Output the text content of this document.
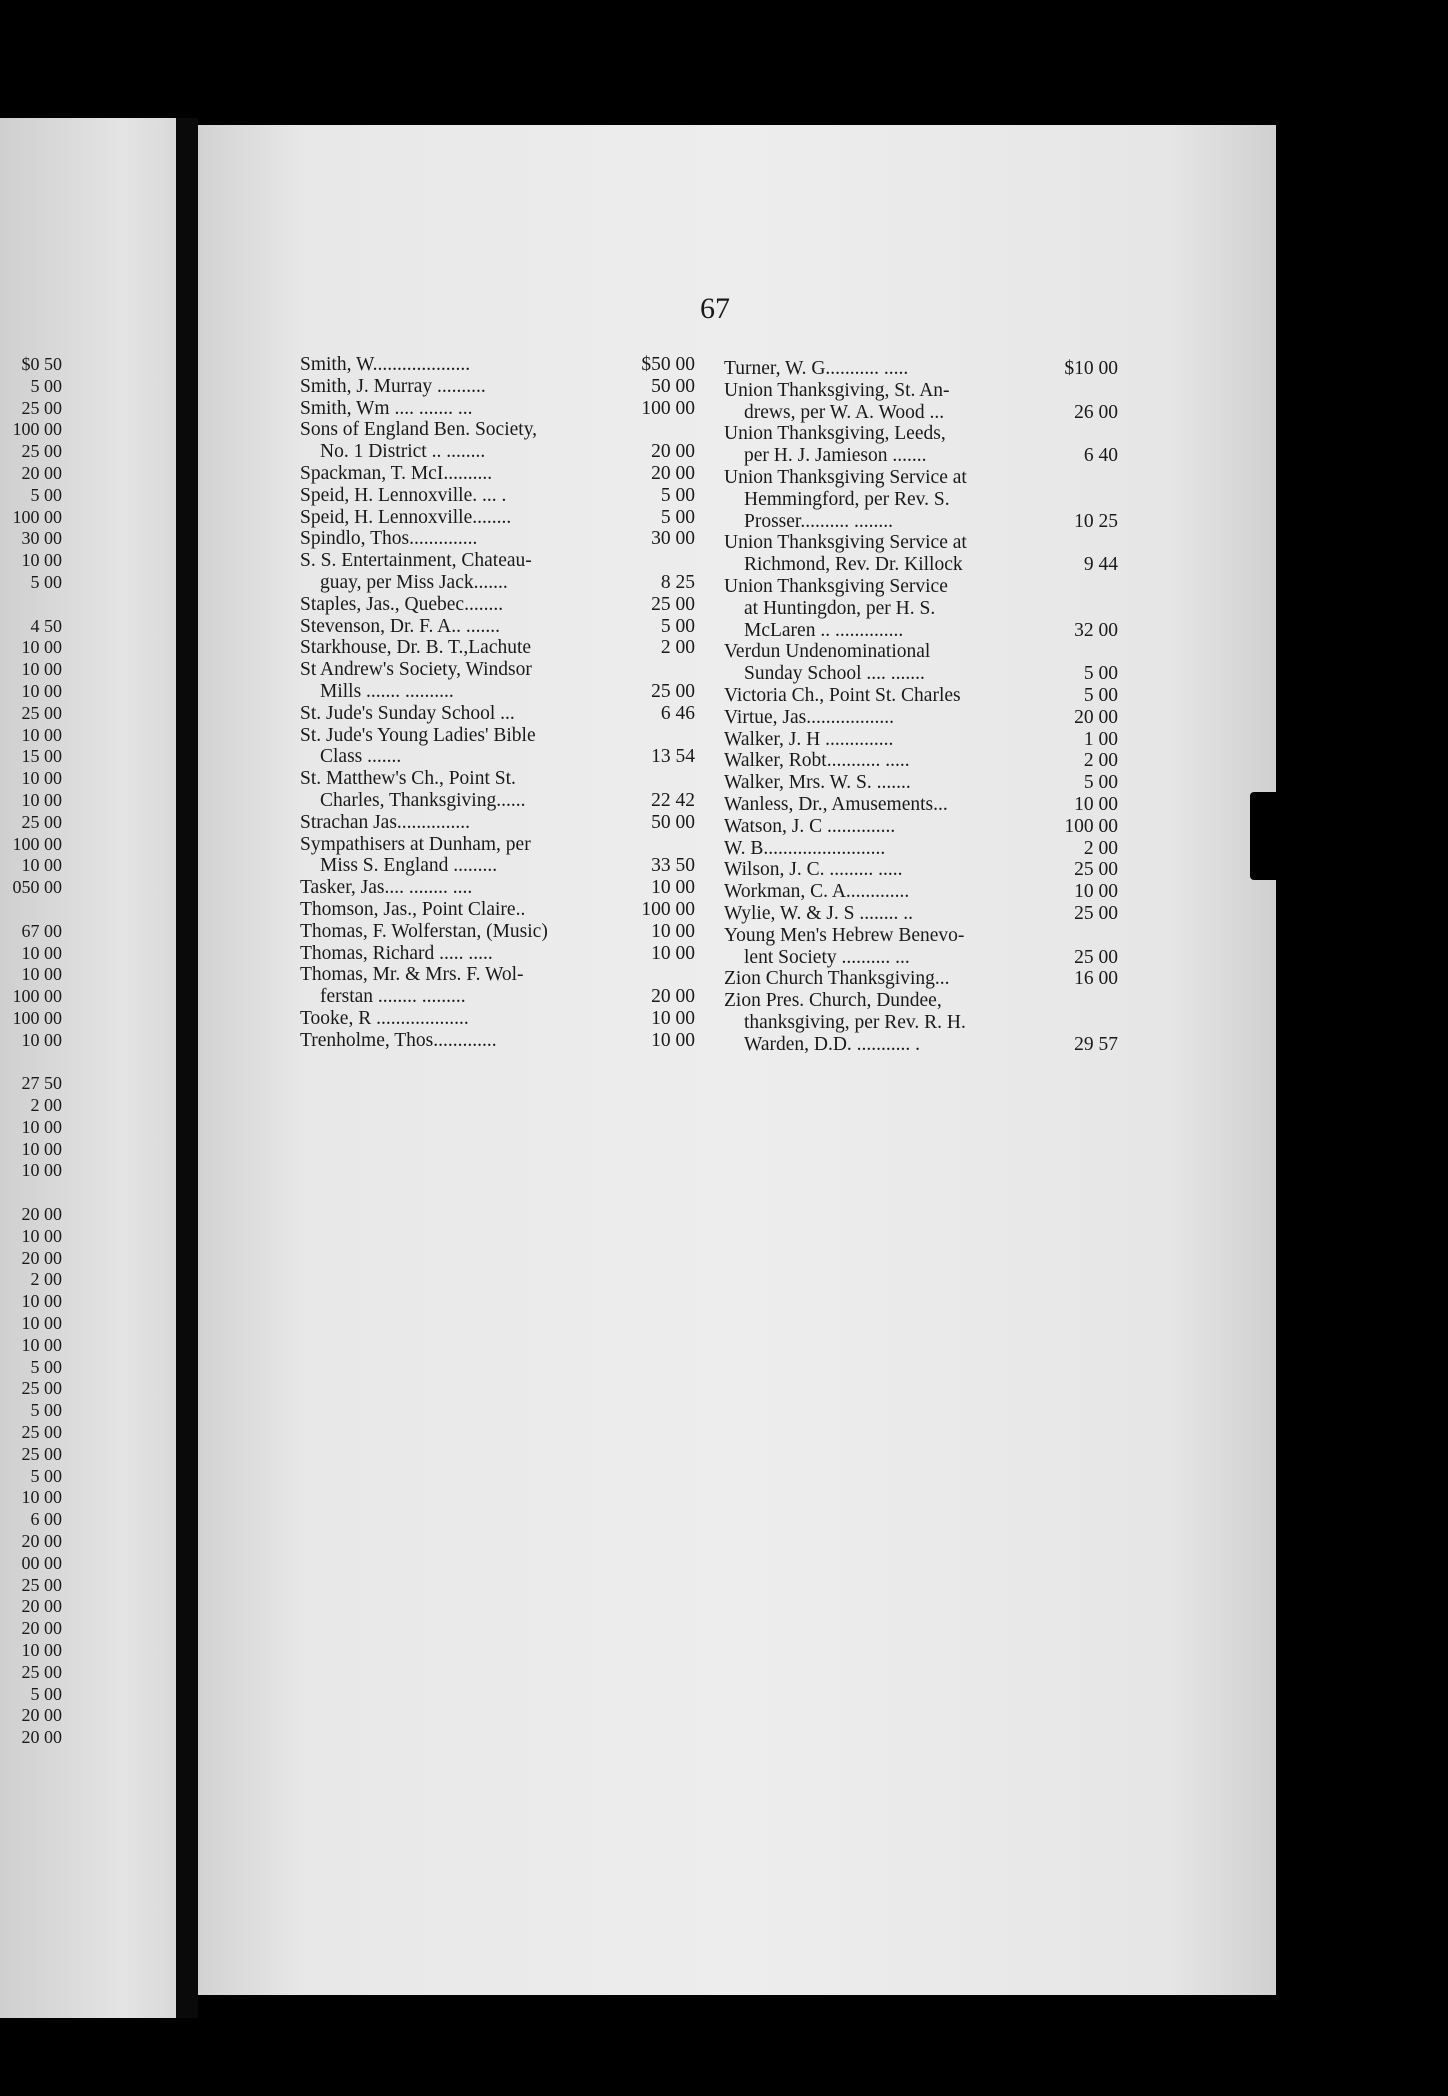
67
$0 50
5 00
25 00
100 00
25 00
20 00
5 00
100 00
30 00
10 00
5 00
4 50
10 00
10 00
10 00
25 00
10 00
15 00
10 00
10 00
25 00
100 00
10 00
050 00
67 00
10 00
10 00
100 00
100 00
10 00
27 50
2 00
10 00
10 00
10 00
20 00
10 00
20 00
2 00
10 00
10 00
10 00
5 00
25 00
5 00
25 00
25 00
5 00
10 00
6 00
20 00
00 00
25 00
20 00
20 00
10 00
25 00
5 00
20 00
20 00
Smith, W....................	$50 00
Smith, J. Murray ..........	50 00
Smith, Wm .... ....... ...	100 00
Sons of England Ben. Society,
No. 1 District .. ........	20 00
Spackman, T. McI..........	20 00
Speid, H. Lennoxville. ... .	5 00
Speid, H. Lennoxville........	5 00
Spindlo, Thos..............	30 00
S. S. Entertainment, Chateau-
guay, per Miss Jack.......	8 25
Staples, Jas., Quebec........	25 00
Stevenson, Dr. F. A.. .......	5 00
Starkhouse, Dr. B. T.,Lachute	2 00
St Andrew's Society, Windsor
Mills ....... ..........	25 00
St. Jude's Sunday School ...	6 46
St. Jude's Young Ladies' Bible
Class .......	13 54
St. Matthew's Ch., Point St.
Charles, Thanksgiving......	22 42
Strachan Jas...............	50 00
Sympathisers at Dunham, per
Miss S. England .........	33 50
Tasker, Jas.... ........ ....	10 00
Thomson, Jas., Point Claire..	100 00
Thomas, F. Wolferstan, (Music)	10 00
Thomas, Richard ..... .....	10 00
Thomas, Mr. & Mrs. F. Wol-
ferstan ........ .........	20 00
Tooke, R ...................	10 00
Trenholme, Thos.............	10 00
Turner, W. G........... .....	$10 00
Union Thanksgiving, St. An-
drews, per W. A. Wood ...	26 00
Union Thanksgiving, Leeds,
per H. J. Jamieson .......	6 40
Union Thanksgiving Service at
Hemmingford, per Rev. S.
Prosser.......... ........	10 25
Union Thanksgiving Service at
Richmond, Rev. Dr. Killock	9 44
Union Thanksgiving Service
at Huntingdon, per H. S.
McLaren .. ..............	32 00
Verdun Undenominational
Sunday School .... .......	5 00
Victoria Ch., Point St. Charles	5 00
Virtue, Jas..................	20 00
Walker, J. H ..............	1 00
Walker, Robt........... .....	2 00
Walker, Mrs. W. S. .......	5 00
Wanless, Dr., Amusements...	10 00
Watson, J. C ..............	100 00
W. B.........................	2 00
Wilson, J. C. ......... .....	25 00
Workman, C. A.............	10 00
Wylie, W. & J. S ........ ..	25 00
Young Men's Hebrew Benevo-
lent Society .......... ...	25 00
Zion Church Thanksgiving...	16 00
Zion Pres. Church, Dundee,
thanksgiving, per Rev. R. H.
Warden, D.D. ........... .	29 57
